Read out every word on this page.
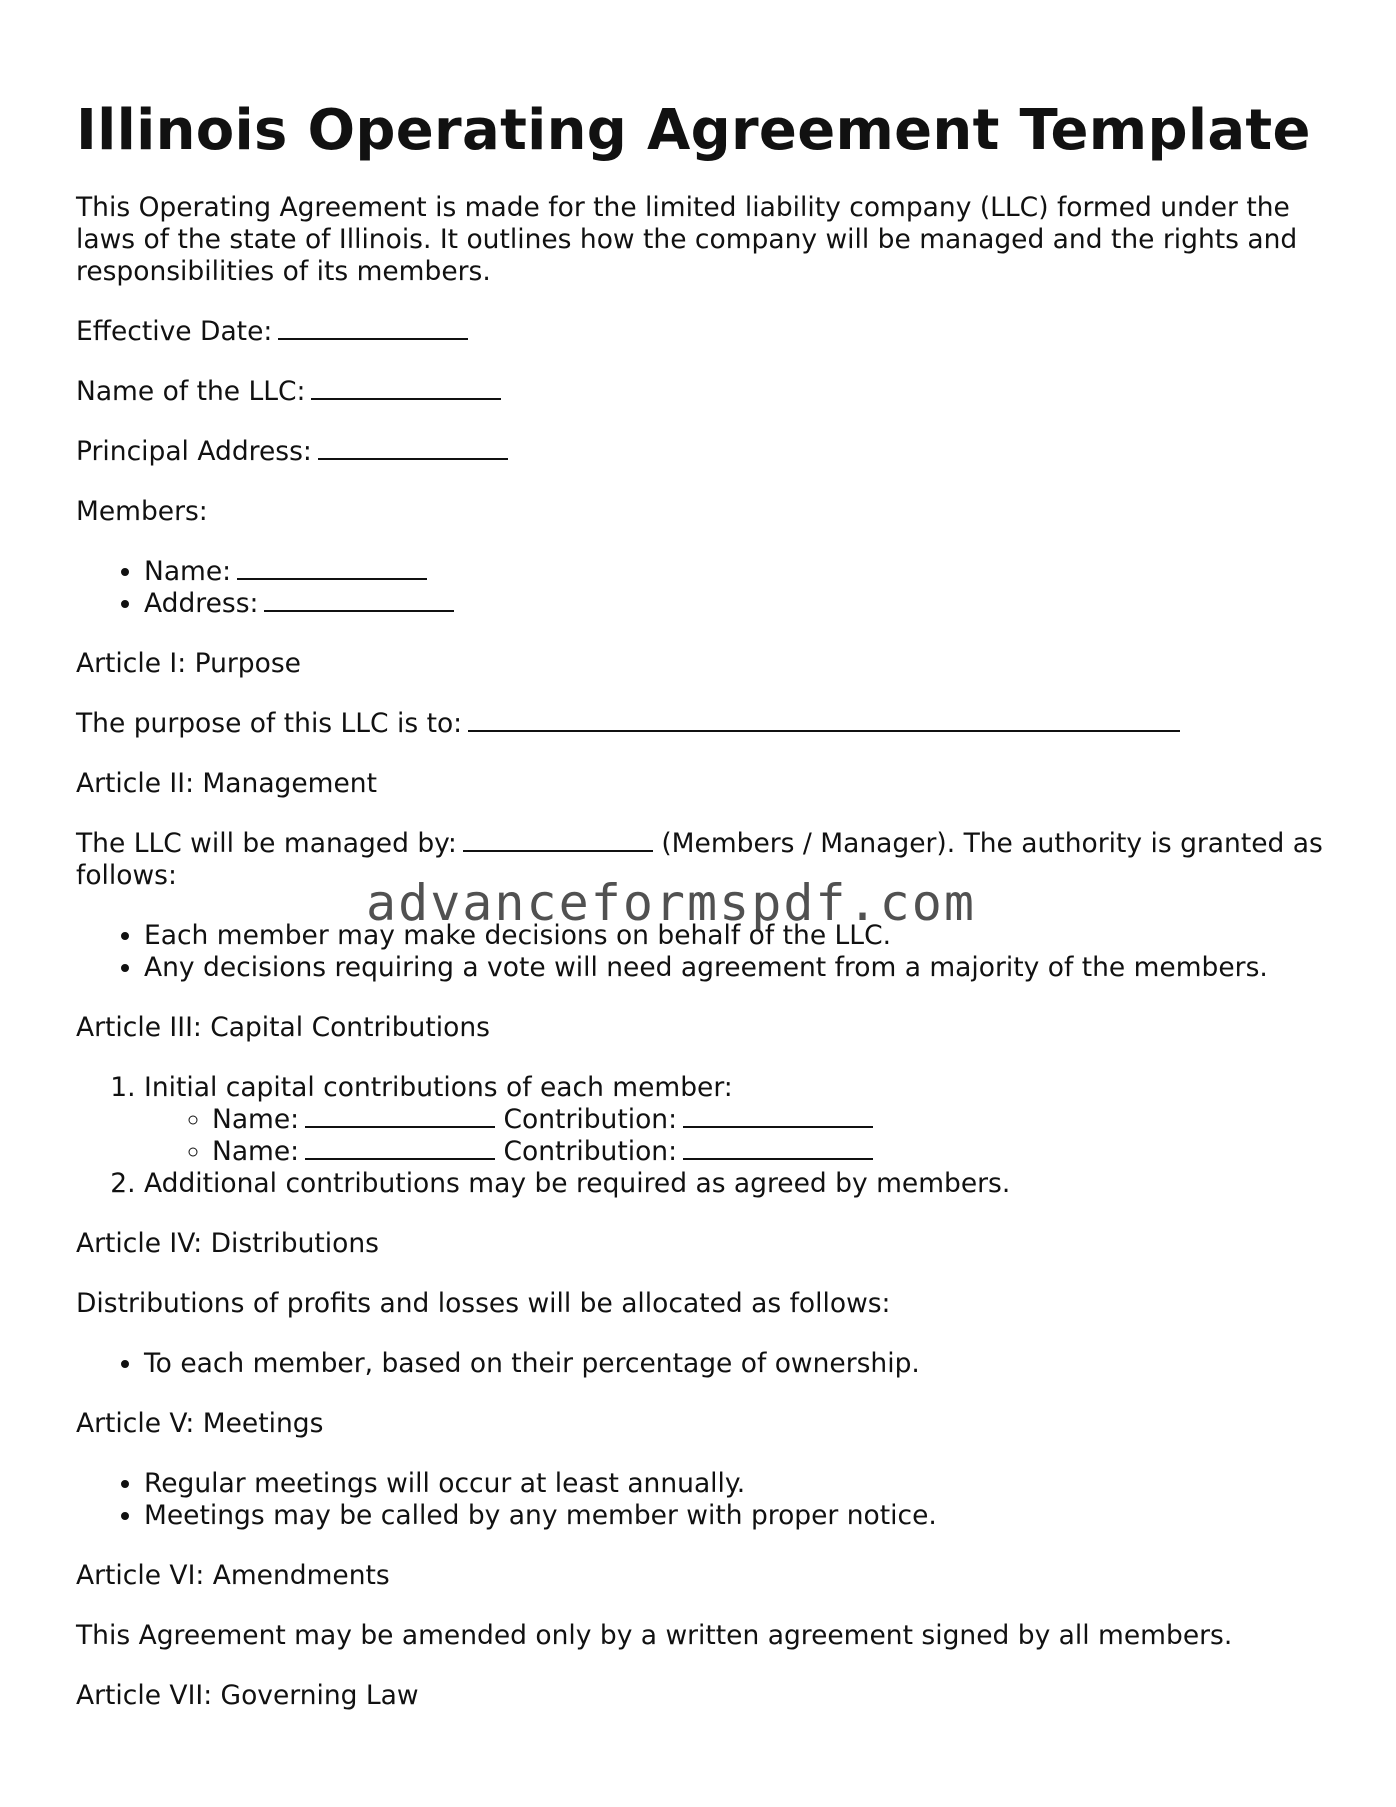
Illinois Operating Agreement Template

This Operating Agreement is made for the limited liability company (LLC) formed under the laws of the state of Illinois. It outlines how the company will be managed and the rights and responsibilities of its members.

Effective Date:

Name of the LLC:

Principal Address:

Members:

• Name:
• Address:

Article I: Purpose

The purpose of this LLC is to:

Article II: Management

The LLC will be managed by:	(Members / Manager). The authority is granted as follows:

• Each member may make decisions on behalf of the LLC.
• Any decisions requiring a vote will need agreement from a majority of the members.

Article III: Capital Contributions

1. Initial capital contributions of each member:
◦ Name:	Contribution:
◦ Name:	Contribution:
2. Additional contributions may be required as agreed by members.

Article IV: Distributions

Distributions of profits and losses will be allocated as follows:

• To each member, based on their percentage of ownership.

Article V: Meetings

• Regular meetings will occur at least annually.
• Meetings may be called by any member with proper notice.

Article VI: Amendments

This Agreement may be amended only by a written agreement signed by all members.

Article VII: Governing Law

advanceformspdf.com
